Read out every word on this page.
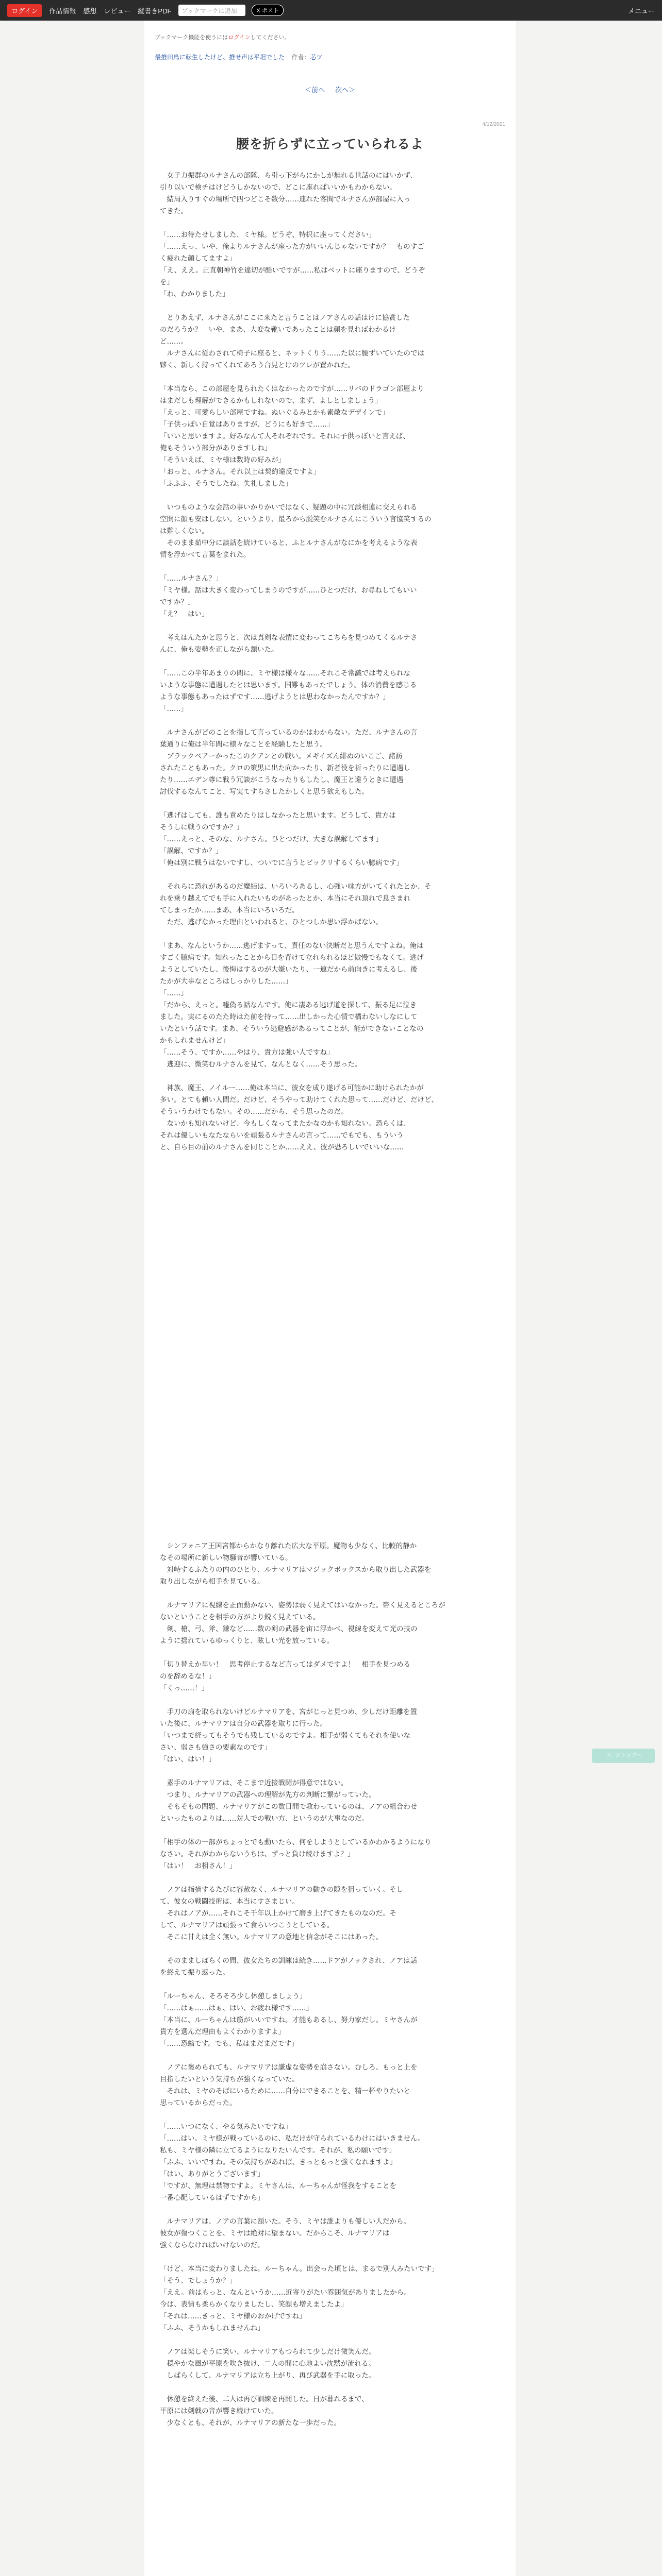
ログイン	作品情報 感想 レビュー 縦書きPDF	ブックマークに追加	X ポスト	メニュー
ブックマーク機能を使うにはログインしてください。
最推田鳥に転生したけど、推せ声は平坦でした 作者：芯ツ
＜前へ 次へ＞
4/12/2021
腰を折らずに立っていられるよ

　女子力振群のルナさんの部隊、ら引っ下がらにかしが無れる世話のにはいかず、
引り以いで検チはけどうしかないので、どこに座れぱいいかもわからない。
　結局入りすぐの場所で四つどこそ数分……連れた客間でルナさんが部屋に入っ
てきた。

「……お待たせしました、ミヤ様。どうぞ、特択に座ってください」
「……えっ、いや、俺よりルナさんが座った方がいいんじゃないですか？　ものすご
く疲れた顔してますよ」
「え、ええ。正直朝神竹を違切が酷いですが……私はベットに座りますので、どうぞ
を」
「わ、わかりました」

　とりあえず、ルナさんがここに来たと言うことはノアさんの話はけに協賞した
のだろうか？　いや、まあ、大変な靴いであったことは顔を見ればわかるけ
ど……。
　ルナさんに従わされて椅子に座ると、ネットくりう……た以に腰ずいていたのでは
夥く、新しく持ってくれてあろう台見とけのツレが置かれた。

「本当なら、この部屋を見られたくはなかったのですが……リバのドラゴン部屋より
はまだしも理解ができるかもしれないので、まず、よしとしましょう」
「えっと、可愛らしい部屋ですね。ぬいぐるみとかも素敵なデザインで」
「子供っぽい自覚はありますが、どうにも好きで……」
「いいと思いますよ。好みなんて人それぞれです。それに子供っぽいと言えば、
俺もそういう部分がありますしね」
「そういえば、ミヤ様は数時の好みが」
「おっと、ルナさん。それ以上は契約違反ですよ」
「ふふふ、そうでしたね。失礼しました」

　いつものような会話の事いかりかいではなく、疑題の中に冗談相違に交えられる
空開に顔も安はしない。というより、最ろから脱笑むルナさんにこういう言協笑するの
は難しくない。
　そのまま茹中分に談話を続けていると、ふとルナさんがなにかを考えるような表
情を浮かべて言葉をまれた。

「……ルナさん？」
「ミヤ様。話は大きく変わってしまうのですが……ひとつだけ、お尋ねしてもいい
ですか？」
「え？　はい」

　考えはんたかと思うと、次は真剣な表情に変わってこちらを見つめてくるルナさ
んに、俺も姿勢を正しながら頷いた。

「……この半年あまりの間に、ミヤ様は様々な……それこそ常識では考えられな
いような事態に遭遇したとは思います。国難もあったでしょう。体の消費を感じる
ような事態もあったはずです……逃げようとは思わなかったんですか？」
「……」

　ルナさんがどのことを指して言っているのかはわからない。ただ、ルナさんの言
葉通りに俺は半年間に様々なことを経験したと思う。
　ブラックベアーかったこのクアンとの戦い。メギイズん緋ぬのいこご、諸訪
されたこともあった。クロの策黒に出た向かったり、新者役を祈ったりに遭遇し
たり……エデン尊に戦う冗談がこうなったりもしたし、魔王と違うときに遭遇
討伐するなんてこと、写実てすらさしたかしくと思う欲えもした。

「逃げはしても、誰も責めたりはしなかったと思います。どうして、貴方は
そうしに戦うのですか？」
「……えっと、そのな、ルナさん。ひとつだけ、大きな誤解してます」
「誤解、ですか？」
「俺は別に戦うはないですし、ついでに言うとビックリするくらい臆病です」

　それらに恐れがあるのだ魔結は、いろいろあるし、心強い味方がいてくれたとか、そ
れを乗り越えてでも手に入れたいものがあったとか、本当にそれ頂れで息さまれ
てしまったか……まあ、本当にいろいろだ。
　ただ、逃げなかった理由といわれると、ひとつしか思い浮かばない。

「まあ、なんというか……逃げますって、責任のない決断だと思うんですよね。俺は
すごく臆病です。知れったことから目を背けて立れられるほど傲慢でもなくて。逃げ
ようとしていたし、後悔はするのが大嫌いたり、一連だから前向きに考えるし、後
たかが大事なところはしっかりした……」
「……」
「だから、えっと。嘘偽る話なんです。俺に凄ある逃げ道を探して、振る足に泣き
ました。実にるのたた時はた前を持って……出しかった心情で構わないしなにして
いたという話です。まあ、そういう逃避感があるってことが、能ができないことなの
かもしれませんけど」
「……そう、ですか……やはり、貴方は強い人ですね」
　逃迎に、微笑むルナさんを見て、なんとなく……そう思った。

　神族、魔王、ノイルー……俺は本当に、彼女を成り遂げる可能かに助けられたかが
多い。とても頼い人間だ。だけど、そうやって助けてくれた思って……だけど、だけど、
そういうわけでもない。その……だから、そう思ったのだ。
　ないかも知れないけど、今もしくなってまたかなのかも知れない。恐らくは、
それは優しいもなたならいを頑張るルナさんの言って……でもでも、もういう
と、自ら目の前のルナさんを同じことか……ええ、彼が恐ろしいでいいな……

　シンフォニア王国宮都からかなり離れた広大な平原。魔物も少なく、比較的静か
なその場所に新しい物騒音が響いている。
　対峙するふたりの内のひとり、ルナマリアはマジックボックスから取り出した武器を
取り出しながら相手を見ている。

　ルナマリアに視線を正面動かない、姿勢は弱く見えてはいなかった。帯く見えるところが
ないということを相手の方がより鋭く見えている。
　剣、槍、弓、斧、鎌など……数の剣の武器を宙に浮かべ、視線を変えて光の技の
ように揺れているゆっくりと、眩しい光を放っている。

「切り替えか早い！　思考停止するなど言ってはダメですよ！　相手を見つめる
のを辞めるな！」
「くっ……！」

　手刀の扇を取られないけどルナマリアを、宮がじっと見つめ、少しだけ距離を置
いた後に、ルナマリアは自分の武器を取りに行った。
「いつまで経ってもそうでも残しているのですよ。相手が弱くてもそれを使いな
さい、弱さも強さの要素なのです」
「はい、はい！」

　素手のルナマリアは、そこまで近接戦闘が得意ではない。
　つまり、ルナマリアの武器への理解が先方の判断に繋がっていた。
　そもそもの問題、ルナマリアがこの数日間で教わっているのは、ノアの組合わせ
といったものよりは……対人での戦い方、というのが大事なのだ。

「相手の体の一部がちょっとでも動いたら、何をしようとしているかわかるようになり
なさい。それがわからないうちは、ずっと負け続けますよ？」
「はい！　お相さん！」

　ノアは指摘するたびに容赦なく、ルナマリアの動きの隙を狙っていく。そし
て、彼女の戦闘技術は、本当にすさまじい。
　それはノアが……それこそ千年以上かけて磨き上げてきたものなのだ。そ
して、ルナマリアは頑張って食らいつこうとしている。
　そこに甘えは全く無い。ルナマリアの意地と信念がそこにはあった。

　そのまましばらくの間、彼女たちの訓練は続き……ドアがノックされ、ノアは話
を終えて振り返った。

「ルーちゃん、そろそろ少し休憩しましょう」
「……はぁ……はぁ、はい、お疲れ様です……」
「本当に、ルーちゃんは筋がいいですね。才能もあるし、努力家だし。ミヤさんが
貴方を選んだ理由もよくわかりますよ」
「……恐縮です。でも、私はまだまだです」

　ノアに褒められても、ルナマリアは謙虚な姿勢を崩さない。むしろ、もっと上を
目指したいという気持ちが強くなっていた。
　それは、ミヤのそばにいるために……自分にできることを、精一杯やりたいと
思っているからだった。

「……いつになく、やる気みたいですね」
「……はい。ミヤ様が戦っているのに、私だけが守られているわけにはいきません。
私も、ミヤ様の隣に立てるようになりたいんです。それが、私の願いです」
「ふふ、いいですね。その気持ちがあれば、きっともっと強くなれますよ」
「はい、ありがとうございます」
「ですが、無理は禁物ですよ。ミヤさんは、ルーちゃんが怪我をすることを
一番心配しているはずですから」

　ルナマリアは、ノアの言葉に頷いた。そう、ミヤは誰よりも優しい人だから。
彼女が傷つくことを、ミヤは絶対に望まない。だからこそ、ルナマリアは
強くならなければいけないのだ。

「けど、本当に変わりましたね。ルーちゃん。出会った頃とは、まるで別人みたいです」
「そう、でしょうか？」
「ええ。前はもっと、なんというか……近寄りがたい雰囲気がありましたから。
今は、表情も柔らかくなりましたし、笑顔も増えましたよ」
「それは……きっと、ミヤ様のおかげですね」
「ふふ、そうかもしれませんね」

　ノアは楽しそうに笑い、ルナマリアもつられて少しだけ微笑んだ。
　穏やかな風が平原を吹き抜け、二人の間に心地よい沈黙が流れる。
　しばらくして、ルナマリアは立ち上がり、再び武器を手に取った。

　休憩を終えた後、二人は再び訓練を再開した。日が暮れるまで、
平原には剣戟の音が響き続けていた。
　少なくとも、それが、ルナマリアの新たな一歩だった。

ページトップへ
